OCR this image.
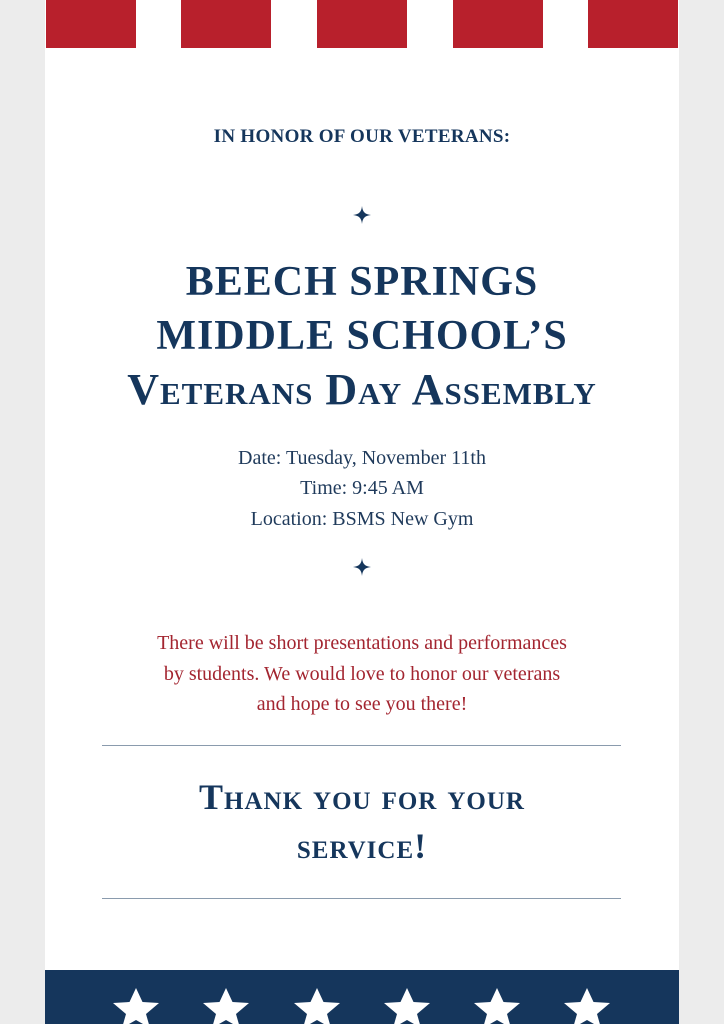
IN HONOR OF OUR VETERANS:
BEECH SPRINGS
MIDDLE SCHOOL’S
Veterans Day Assembly
Date: Tuesday, November 11th
Time: 9:45 AM
Location: BSMS New Gym
There will be short presentations and performances
by students. We would love to honor our veterans
and hope to see you there!
Thank you for your
service!
